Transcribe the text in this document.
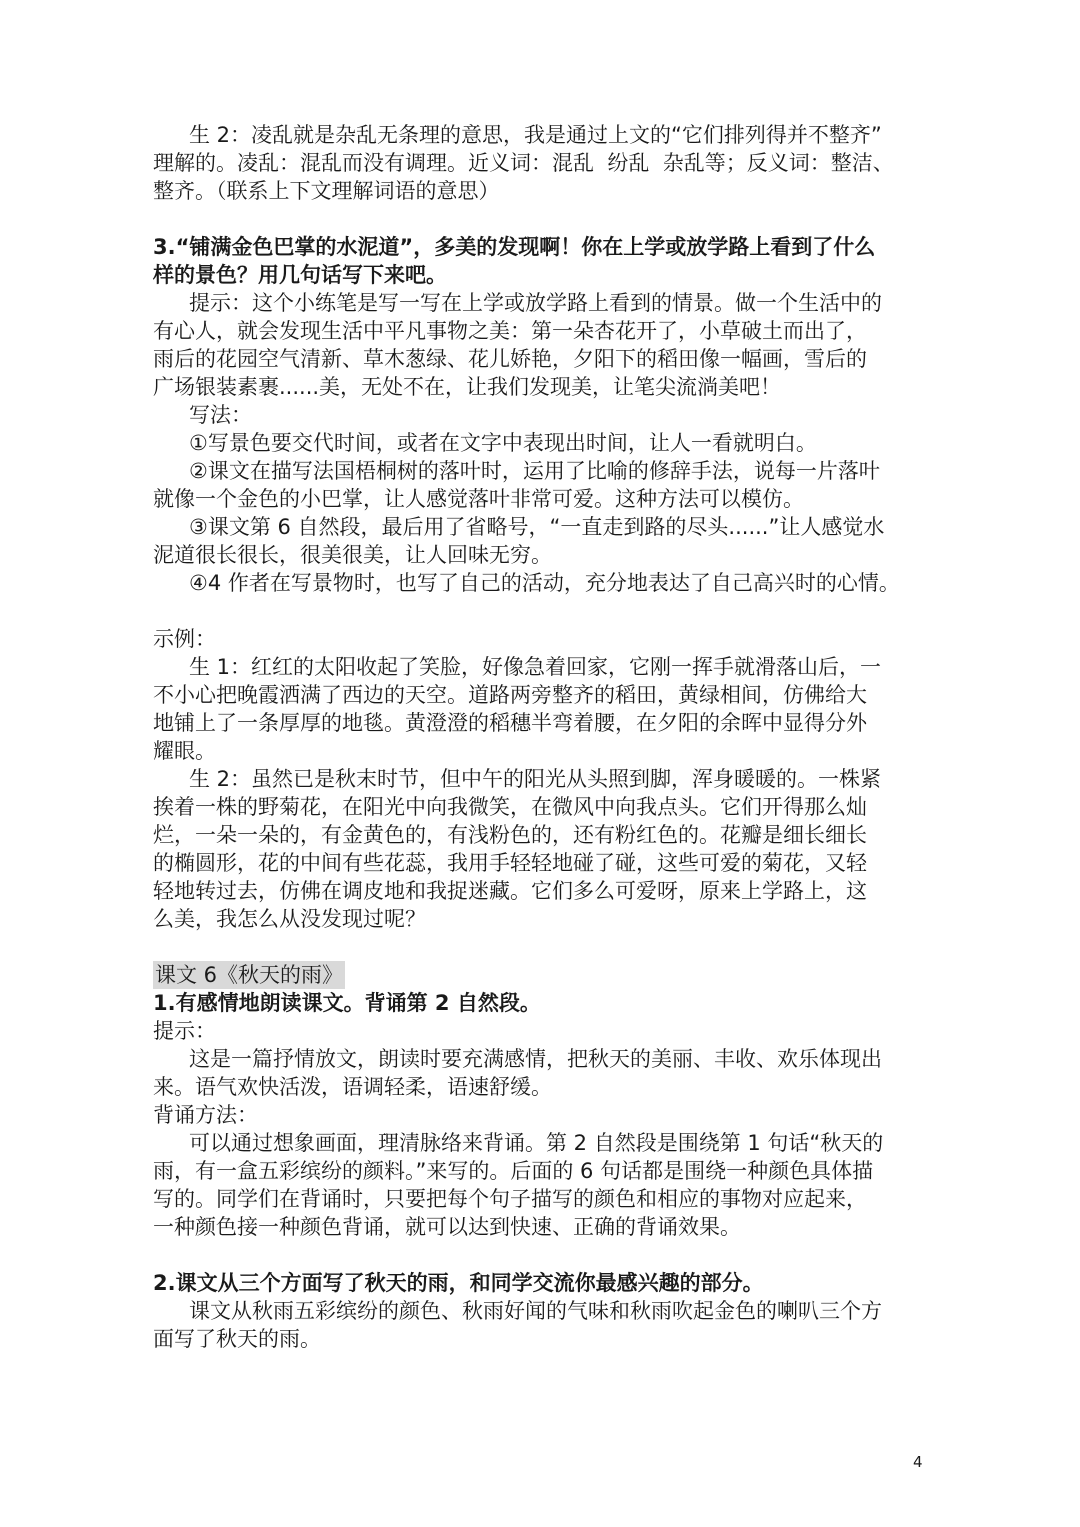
生 2：凌乱就是杂乱无条理的意思，我是通过上文的“它们排列得并不整齐”

理解的。凌乱：混乱而没有调理。近义词：混乱  纷乱  杂乱等；反义词：整洁、

整齐。（联系上下文理解词语的意思）

3.“铺满金色巴掌的水泥道”，多美的发现啊！你在上学或放学路上看到了什么

样的景色？用几句话写下来吧。

提示：这个小练笔是写一写在上学或放学路上看到的情景。做一个生活中的

有心人，就会发现生活中平凡事物之美：第一朵杏花开了，小草破土而出了，

雨后的花园空气清新、草木葱绿、花儿娇艳，夕阳下的稻田像一幅画，雪后的

广场银装素裹......美，无处不在，让我们发现美，让笔尖流淌美吧！

写法：

①写景色要交代时间，或者在文字中表现出时间，让人一看就明白。

②课文在描写法国梧桐树的落叶时，运用了比喻的修辞手法，说每一片落叶

就像一个金色的小巴掌，让人感觉落叶非常可爱。这种方法可以模仿。

③课文第 6 自然段，最后用了省略号，“一直走到路的尽头......”让人感觉水

泥道很长很长，很美很美，让人回味无穷。

④4 作者在写景物时，也写了自己的活动，充分地表达了自己高兴时的心情。

示例：

生 1：红红的太阳收起了笑脸，好像急着回家，它刚一挥手就滑落山后，一

不小心把晚霞洒满了西边的天空。道路两旁整齐的稻田，黄绿相间，仿佛给大

地铺上了一条厚厚的地毯。黄澄澄的稻穗半弯着腰，在夕阳的余晖中显得分外

耀眼。

生 2：虽然已是秋末时节，但中午的阳光从头照到脚，浑身暖暖的。一株紧

挨着一株的野菊花，在阳光中向我微笑，在微风中向我点头。它们开得那么灿

烂，一朵一朵的，有金黄色的，有浅粉色的，还有粉红色的。花瓣是细长细长

的椭圆形，花的中间有些花蕊，我用手轻轻地碰了碰，这些可爱的菊花，又轻

轻地转过去，仿佛在调皮地和我捉迷藏。它们多么可爱呀，原来上学路上，这

么美，我怎么从没发现过呢？

课文 6《秋天的雨》

1.有感情地朗读课文。背诵第 2 自然段。

提示：

这是一篇抒情放文，朗读时要充满感情，把秋天的美丽、丰收、欢乐体现出

来。语气欢快活泼，语调轻柔，语速舒缓。

背诵方法：

可以通过想象画面，理清脉络来背诵。第 2 自然段是围绕第 1 句话“秋天的

雨，有一盒五彩缤纷的颜料。”来写的。后面的 6 句话都是围绕一种颜色具体描

写的。同学们在背诵时，只要把每个句子描写的颜色和相应的事物对应起来，

一种颜色接一种颜色背诵，就可以达到快速、正确的背诵效果。

2.课文从三个方面写了秋天的雨，和同学交流你最感兴趣的部分。

课文从秋雨五彩缤纷的颜色、秋雨好闻的气味和秋雨吹起金色的喇叭三个方

面写了秋天的雨。

4
